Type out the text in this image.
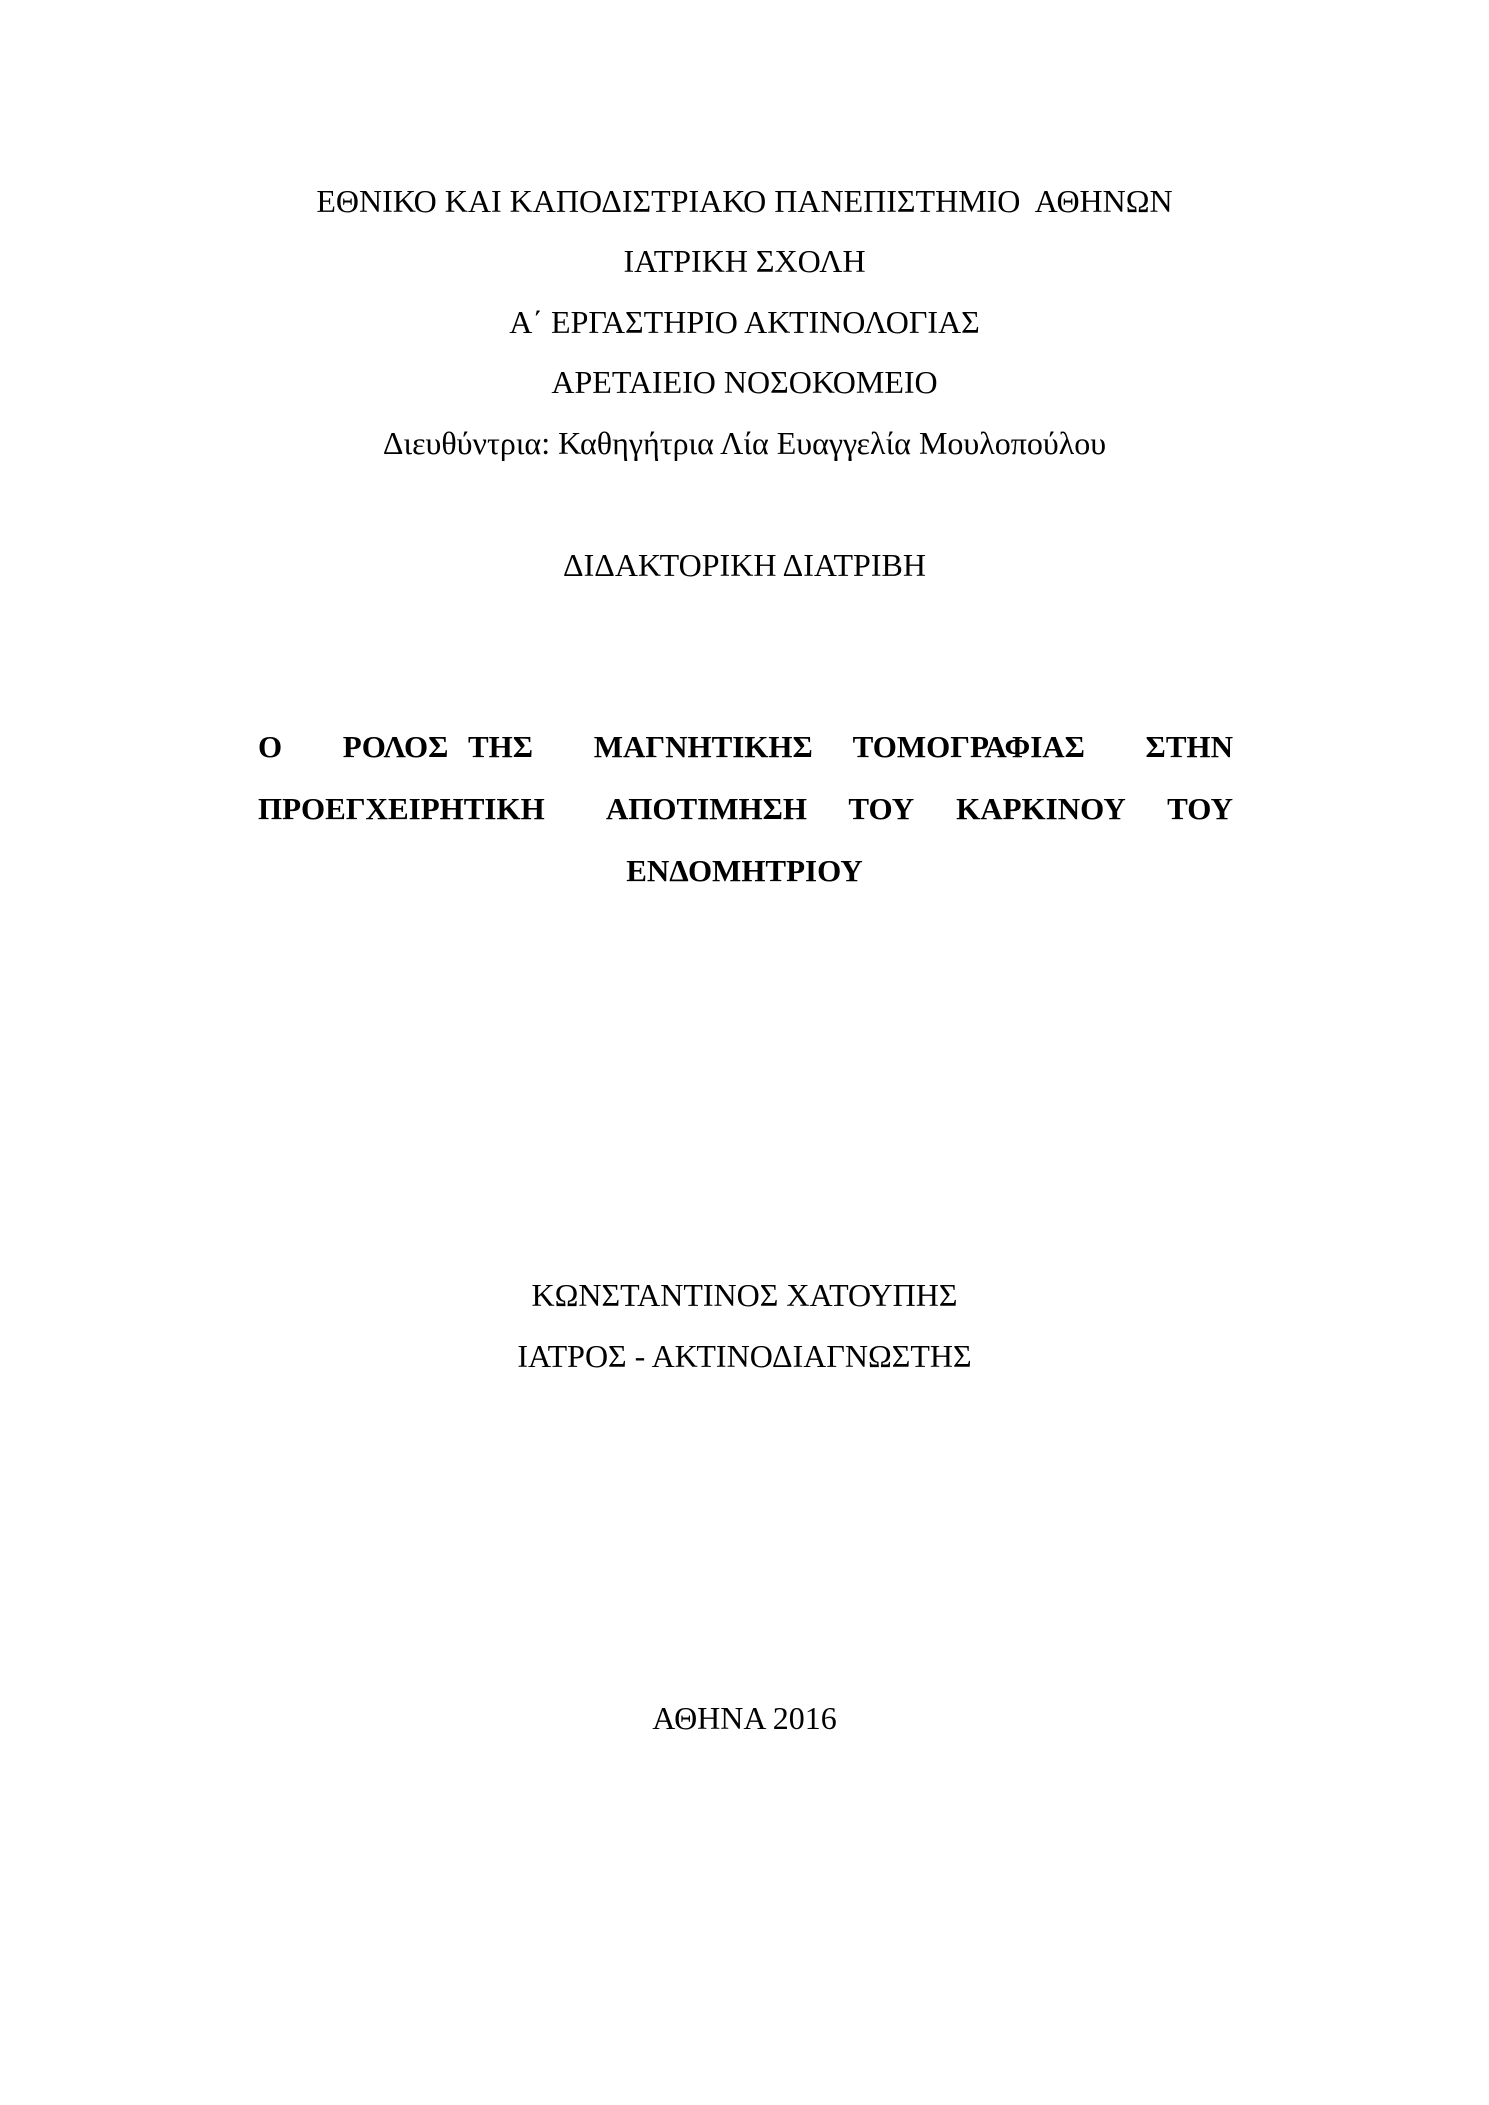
ΕΘΝΙΚΟ ΚΑΙ ΚΑΠΟΔΙΣΤΡΙΑΚΟ ΠΑΝΕΠΙΣΤΗΜΙΟ  ΑΘΗΝΩΝ
ΙΑΤΡΙΚΗ ΣΧΟΛΗ
Α΄ ΕΡΓΑΣΤΗΡΙΟ ΑΚΤΙΝΟΛΟΓΙΑΣ
ΑΡΕΤΑΙΕΙΟ ΝΟΣΟΚΟΜΕΙΟ
Διευθύντρια: Καθηγήτρια Λία Ευαγγελία Μουλοπούλου
ΔΙΔΑΚΤΟΡΙΚΗ ΔΙΑΤΡΙΒΗ
Ο   ΡΟΛΟΣ ΤΗΣ   ΜΑΓΝΗΤΙΚΗΣ  ΤΟΜΟΓΡΑΦΙΑΣ   ΣΤΗΝ
ΠΡΟΕΓΧΕΙΡΗΤΙΚΗ   ΑΠΟΤΙΜΗΣΗ  ΤΟΥ  ΚΑΡΚΙΝΟΥ  ΤΟΥ
ΕΝΔΟΜΗΤΡΙΟΥ
ΚΩΝΣΤΑΝΤΙΝΟΣ ΧΑΤΟΥΠΗΣ
ΙΑΤΡΟΣ - ΑΚΤΙΝΟΔΙΑΓΝΩΣΤΗΣ
ΑΘΗΝΑ 2016
